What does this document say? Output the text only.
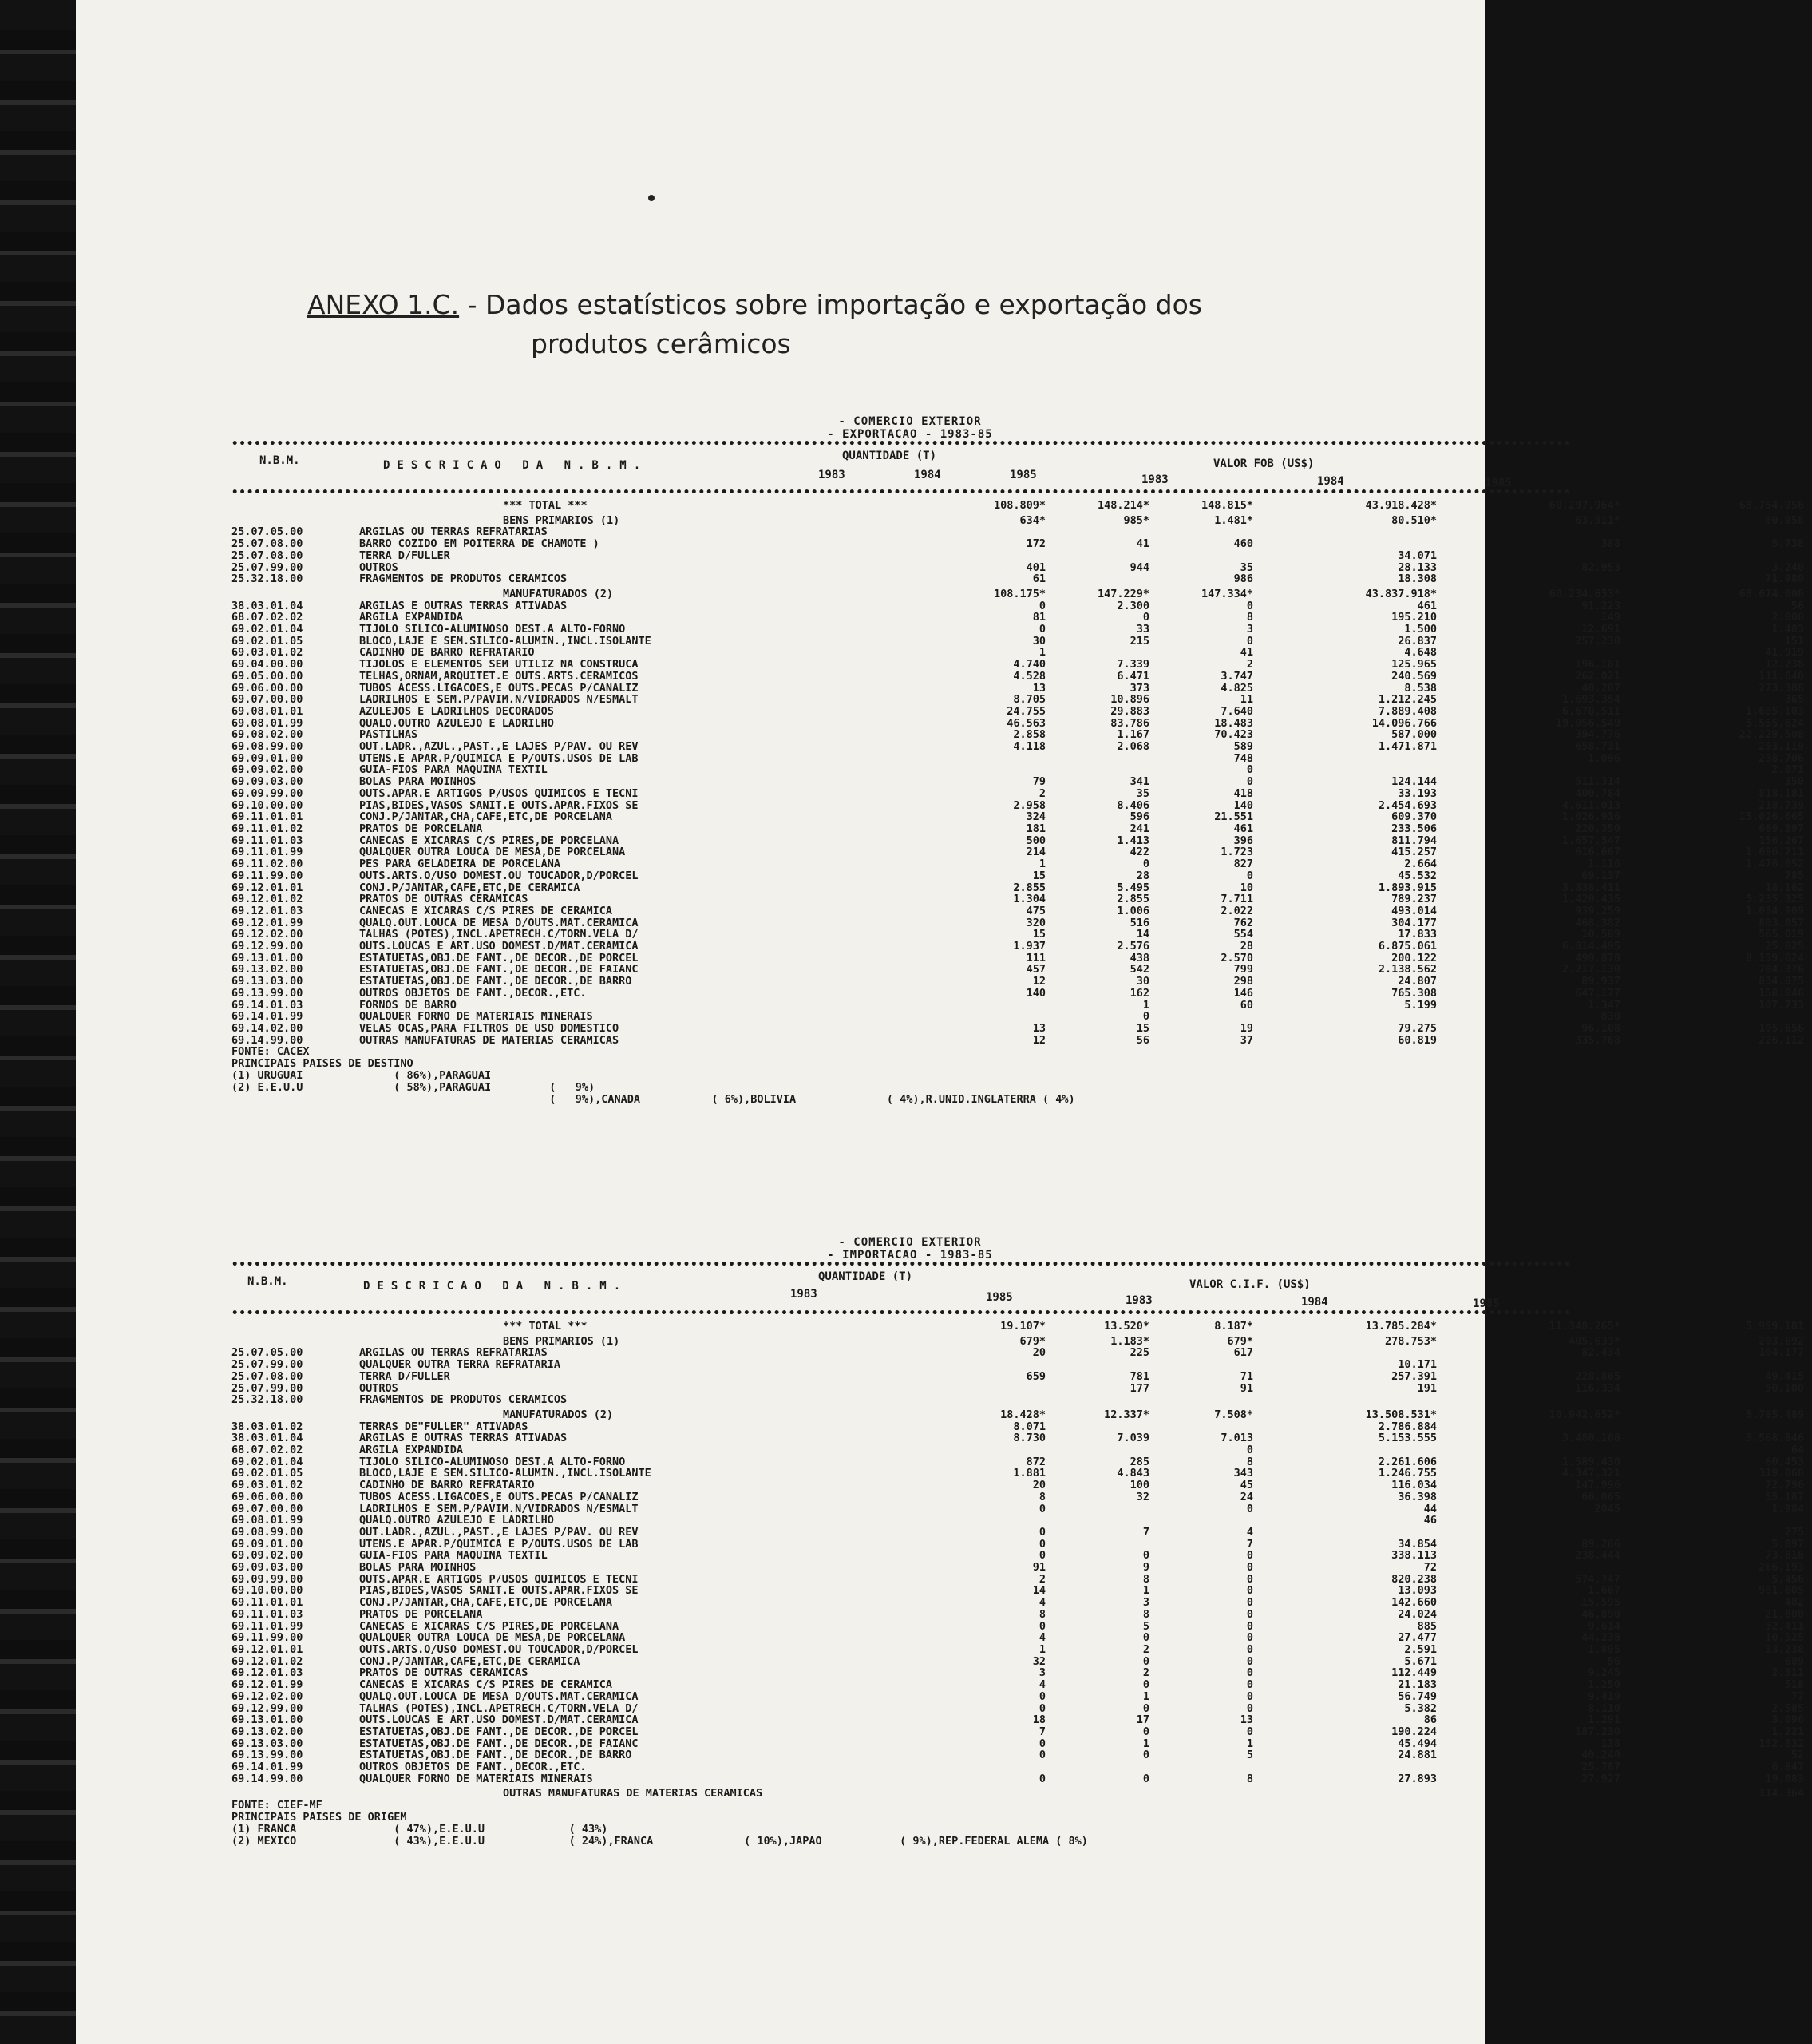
ANEXO 1.C. - Dados estatísticos sobre importação e exportação dos
produtos cerâmicos
- COMERCIO EXTERIOR
- EXPORTACAO - 1983-85
••••••••••••••••••••••••••••••••••••••••••••••••••••••••••••••••••••••••••••••••••••••••••••••••••••••••••••••••••••••••••••••••••••••••••••••••••••••••••••••••••••••••••••••••••
N.B.M.	DESCRICAO DA N.B.M.
QUANTIDADE (T)
VALOR FOB (US$)
1983	1984	1985	1983	1984	1985
••••••••••••••••••••••••••••••••••••••••••••••••••••••••••••••••••••••••••••••••••••••••••••••••••••••••••••••••••••••••••••••••••••••••••••••••••••••••••••••••••••••••••••••••••
	*** TOTAL ***	108.809*	148.214*	148.815*	43.918.428*	60.297.964*	68.754.956
	BENS PRIMARIOS (1)	634*	985*	1.481*	80.510*	63.311*	80.958
25.07.05.00	ARGILAS OU TERRAS REFRATARIAS						
25.07.08.00	BARRO COZIDO EM POITERRA DE CHAMOTE )	172	41	460		388	5.738
25.07.08.00	TERRA D/FULLER				34.071		
25.07.99.00	OUTROS	401	944	35	28.133	82.953	3.240
25.32.18.00	FRAGMENTOS DE PRODUTOS CERAMICOS	61		986	18.308		71.980
	MANUFATURADOS (2)	108.175*	147.229*	147.334*	43.837.918*	60.234.653*	68.674.000
38.03.01.04	ARGILAS E OUTRAS TERRAS ATIVADAS	0	2.300	0	461	91.223	56
68.07.02.02	ARGILA EXPANDIDA	81	0	8	195.210	149	2.800
69.02.01.04	TIJOLO SILICO-ALUMINOSO DEST.A ALTO-FORNO	0	33	3	1.500	12.691	1.483
69.02.01.05	BLOCO,LAJE E SEM.SILICO-ALUMIN.,INCL.ISOLANTE	30	215	0	26.837	257.230	151
69.03.01.02	CADINHO DE BARRO REFRATARIO	1		41	4.648		41.919
69.04.00.00	TIJOLOS E ELEMENTOS SEM UTILIZ NA CONSTRUCA	4.740	7.339	2	125.965	196.181	12.238
69.05.00.00	TELHAS,ORNAM,ARQUITET.E OUTS.ARTS.CERAMICOS	4.528	6.471	3.747	240.569	262.021	111.640
69.06.00.00	TUBOS ACESS.LIGACOES,E OUTS.PECAS P/CANALIZ	13	373	4.825	8.538	40.207	273.388
69.07.00.00	LADRILHOS E SEM.P/PAVIM.N/VIDRADOS N/ESMALT	8.705	10.896	11	1.212.245	1.693.354	365
69.08.01.01	AZULEJOS E LADRILHOS DECORADOS	24.755	29.883	7.640	7.889.408	6.678.511	1.685.103
69.08.01.99	QUALQ.OUTRO AZULEJO E LADRILHO	46.563	83.786	18.483	14.096.766	19.056.549	5.555.624
69.08.02.00	PASTILHAS	2.858	1.167	70.423	587.000	394.776	22.229.508
69.08.99.00	OUT.LADR.,AZUL.,PAST.,E LAJES P/PAV. OU REV	4.118	2.068	589	1.471.871	658.731	293.119
69.09.01.00	UTENS.E APAR.P/QUIMICA E P/OUTS.USOS DE LAB			748		1.096	238.706
69.09.02.00	GUIA-FIOS PARA MAQUINA TEXTIL			0			2.071
69.09.03.00	BOLAS PARA MOINHOS	79	341	0	124.144	511.314	350
69.09.99.00	OUTS.APAR.E ARTIGOS P/USOS QUIMICOS E TECNI	2	35	418	33.193	400.784	818.181
69.10.00.00	PIAS,BIDES,VASOS SANIT.E OUTS.APAR.FIXOS SE	2.958	8.406	140	2.454.693	4.611.013	218.739
69.11.01.01	CONJ.P/JANTAR,CHA,CAFE,ETC,DE PORCELANA	324	596	21.551	609.370	1.026.916	15.026.665
69.11.01.02	PRATOS DE PORCELANA	181	241	461	233.506	220.350	669.397
69.11.01.03	CANECAS E XICARAS C/S PIRES,DE PORCELANA	500	1.413	396	811.794	1.657.547	156.267
69.11.01.99	QUALQUER OUTRA LOUCA DE MESA,DE PORCELANA	214	422	1.723	415.257	616.667	1.696.711
69.11.02.00	PES PARA GELADEIRA DE PORCELANA	1	0	827	2.664	1.116	1.476.652
69.11.99.00	OUTS.ARTS.O/USO DOMEST.OU TOUCADOR,D/PORCEL	15	28	0	45.532	69.137	785
69.12.01.01	CONJ.P/JANTAR,CAFE,ETC,DE CERAMICA	2.855	5.495	10	1.893.915	3.838.411	18.162
69.12.01.02	PRATOS DE OUTRAS CERAMICAS	1.304	2.855	7.711	789.237	1.420.435	5.235.325
69.12.01.03	CANECAS E XICARAS C/S PIRES DE CERAMICA	475	1.006	2.022	493.014	939.259	1.034.909
69.12.01.99	QUALQ.OUT.LOUCA DE MESA D/OUTS.MAT.CERAMICA	320	516	762	304.177	468.382	803.057
69.12.02.00	TALHAS (POTES),INCL.APETRECH.C/TORN.VELA D/	15	14	554	17.833	10.589	565.019
69.12.99.00	OUTS.LOUCAS E ART.USO DOMEST.D/MAT.CERAMICA	1.937	2.576	28	6.875.061	6.814.495	25.825
69.13.01.00	ESTATUETAS,OBJ.DE FANT.,DE DECOR.,DE PORCEL	111	438	2.570	200.122	490.878	8.159.624
69.13.02.00	ESTATUETAS,OBJ.DE FANT.,DE DECOR.,DE FAIANC	457	542	799	2.138.562	2.217.130	704.376
69.13.03.00	ESTATUETAS,OBJ.DE FANT.,DE DECOR.,DE BARRO	12	30	298	24.807	89.937	834.875
69.13.99.00	OUTROS OBJETOS DE FANT.,DECOR.,ETC.	140	162	146	765.308	647.177	158.846
69.14.01.03	FORNOS DE BARRO		1	60	5.199	1.347	107.733
69.14.01.99	QUALQUER FORNO DE MATERIAIS MINERAIS		0			830	
69.14.02.00	VELAS OCAS,PARA FILTROS DE USO DOMESTICO	13	15	19	79.275	96.108	105.656
69.14.99.00	OUTRAS MANUFATURAS DE MATERIAS CERAMICAS	12	56	37	60.819	335.768	226.112
FONTE: CACEX
PRINCIPAIS PAISES DE DESTINO
(1) URUGUAI              ( 86%),PARAGUAI
(2) E.E.U.U              ( 58%),PARAGUAI         (   9%)
(   9%),CANADA           ( 6%),BOLIVIA              ( 4%),R.UNID.INGLATERRA ( 4%)
- COMERCIO EXTERIOR
- IMPORTACAO - 1983-85
••••••••••••••••••••••••••••••••••••••••••••••••••••••••••••••••••••••••••••••••••••••••••••••••••••••••••••••••••••••••••••••••••••••••••••••••••••••••••••••••••••••••••••••••••
N.B.M.	DESCRICAO DA N.B.M.
QUANTIDADE (T)
VALOR C.I.F. (US$)
1983	1985	1983	1984	1985
••••••••••••••••••••••••••••••••••••••••••••••••••••••••••••••••••••••••••••••••••••••••••••••••••••••••••••••••••••••••••••••••••••••••••••••••••••••••••••••••••••••••••••••••••
	*** TOTAL ***	19.107*	13.520*	8.187*	13.785.284*	11.348.265*	5.999.181
	BENS PRIMARIOS (1)	679*	1.183*	679*	278.753*	405.633*	203.692
25.07.05.00	ARGILAS OU TERRAS REFRATARIAS	20	225	617		82.434	104.177
25.07.99.00	QUALQUER OUTRA TERRA REFRATARIA				10.171		
25.07.08.00	TERRA D/FULLER	659	781	71	257.391	228.865	49.415
25.07.99.00	OUTROS		177	91	191	116.334	50.100
25.32.18.00	FRAGMENTOS DE PRODUTOS CERAMICOS						
	MANUFATURADOS (2)	18.428*	12.337*	7.508*	13.508.531*	10.942.652*	5.795.489
38.03.01.02	TERRAS DE"FULLER" ATIVADAS	8.071			2.786.884		
38.03.01.04	ARGILAS E OUTRAS TERRAS ATIVADAS	8.730	7.039	7.013	5.153.555	3.480.168	3.568.846
68.07.02.02	ARGILA EXPANDIDA			0			64
69.02.01.04	TIJOLO SILICO-ALUMINOSO DEST.A ALTO-FORNO	872	285	8	2.261.606	1.589.430	60.453
69.02.01.05	BLOCO,LAJE E SEM.SILICO-ALUMIN.,INCL.ISOLANTE	1.881	4.843	343	1.246.755	4.347.321	319.068
69.03.01.02	CADINHO DE BARRO REFRATARIO	20	100	45	116.034	147.996	72.796
69.06.00.00	TUBOS ACESS.LIGACOES,E OUTS.PECAS P/CANALIZ	8	32	24	36.398	66.065	55.187
69.07.00.00	LADRILHOS E SEM.P/PAVIM.N/VIDRADOS N/ESMALT	0		0	44	2045	1.984
69.08.01.99	QUALQ.OUTRO AZULEJO E LADRILHO				46		
69.08.99.00	OUT.LADR.,AZUL.,PAST.,E LAJES P/PAV. OU REV	0	7	4			275
69.09.01.00	UTENS.E APAR.P/QUIMICA E P/OUTS.USOS DE LAB	0		7	34.854	89.266	5.097
69.09.02.00	GUIA-FIOS PARA MAQUINA TEXTIL	0	0	0	338.113	238.444	73.818
69.09.03.00	BOLAS PARA MOINHOS	91	9	0	72		266.193
69.09.99.00	OUTS.APAR.E ARTIGOS P/USOS QUIMICOS E TECNI	2	8	0	820.238	574.747	5.456
69.10.00.00	PIAS,BIDES,VASOS SANIT.E OUTS.APAR.FIXOS SE	14	1	0	13.093	1.667	981.605
69.11.01.01	CONJ.P/JANTAR,CHA,CAFE,ETC,DE PORCELANA	4	3	0	142.660	15.595	482
69.11.01.03	PRATOS DE PORCELANA	8	8	0	24.024	46.890	21.800
69.11.01.99	CANECAS E XICARAS C/S PIRES,DE PORCELANA	0	5	0	885	9.614	32.411
69.11.99.00	QUALQUER OUTRA LOUCA DE MESA,DE PORCELANA	4	0	0	27.477	44.238	10.525
69.12.01.01	OUTS.ARTS.O/USO DOMEST.OU TOUCADOR,D/PORCEL	1	2	0	2.591	1.895	33.238
69.12.01.02	CONJ.P/JANTAR,CAFE,ETC,DE CERAMICA	32	0	0	5.671	56	689
69.12.01.03	PRATOS DE OUTRAS CERAMICAS	3	2	0	112.449	9.245	2.311
69.12.01.99	CANECAS E XICARAS C/S PIRES DE CERAMICA	4	0	0	21.183	1.250	518
69.12.02.00	QUALQ.OUT.LOUCA DE MESA D/OUTS.MAT.CERAMICA	0	1	0	56.749	9.419	77
69.12.99.00	TALHAS (POTES),INCL.APETRECH.C/TORN.VELA D/	0	0	0	5.382	8.110	2.585
69.13.01.00	OUTS.LOUCAS E ART.USO DOMEST.D/MAT.CERAMICA	18	17	13	86	1.291	3.096
69.13.02.00	ESTATUETAS,OBJ.DE FANT.,DE DECOR.,DE PORCEL	7	0	0	190.224	187.230	1.221
69.13.03.00	ESTATUETAS,OBJ.DE FANT.,DE DECOR.,DE FAIANC	0	1	1	45.494	138	152.332
69.13.99.00	ESTATUETAS,OBJ.DE FANT.,DE DECOR.,DE BARRO	0	0	5	24.881	40.240	52
69.14.01.99	OUTROS OBJETOS DE FANT.,DECOR.,ETC.					25.787	6.847
69.14.99.00	QUALQUER FORNO DE MATERIAIS MINERAIS	0	0	8	27.893	27.927	19.083
	OUTRAS MANUFATURAS DE MATERIAS CERAMICAS						114.364
FONTE: CIEF-MF
PRINCIPAIS PAISES DE ORIGEM
(1) FRANCA               ( 47%),E.E.U.U             ( 43%)
(2) MEXICO               ( 43%),E.E.U.U             ( 24%),FRANCA              ( 10%),JAPAO            ( 9%),REP.FEDERAL ALEMA ( 8%)
